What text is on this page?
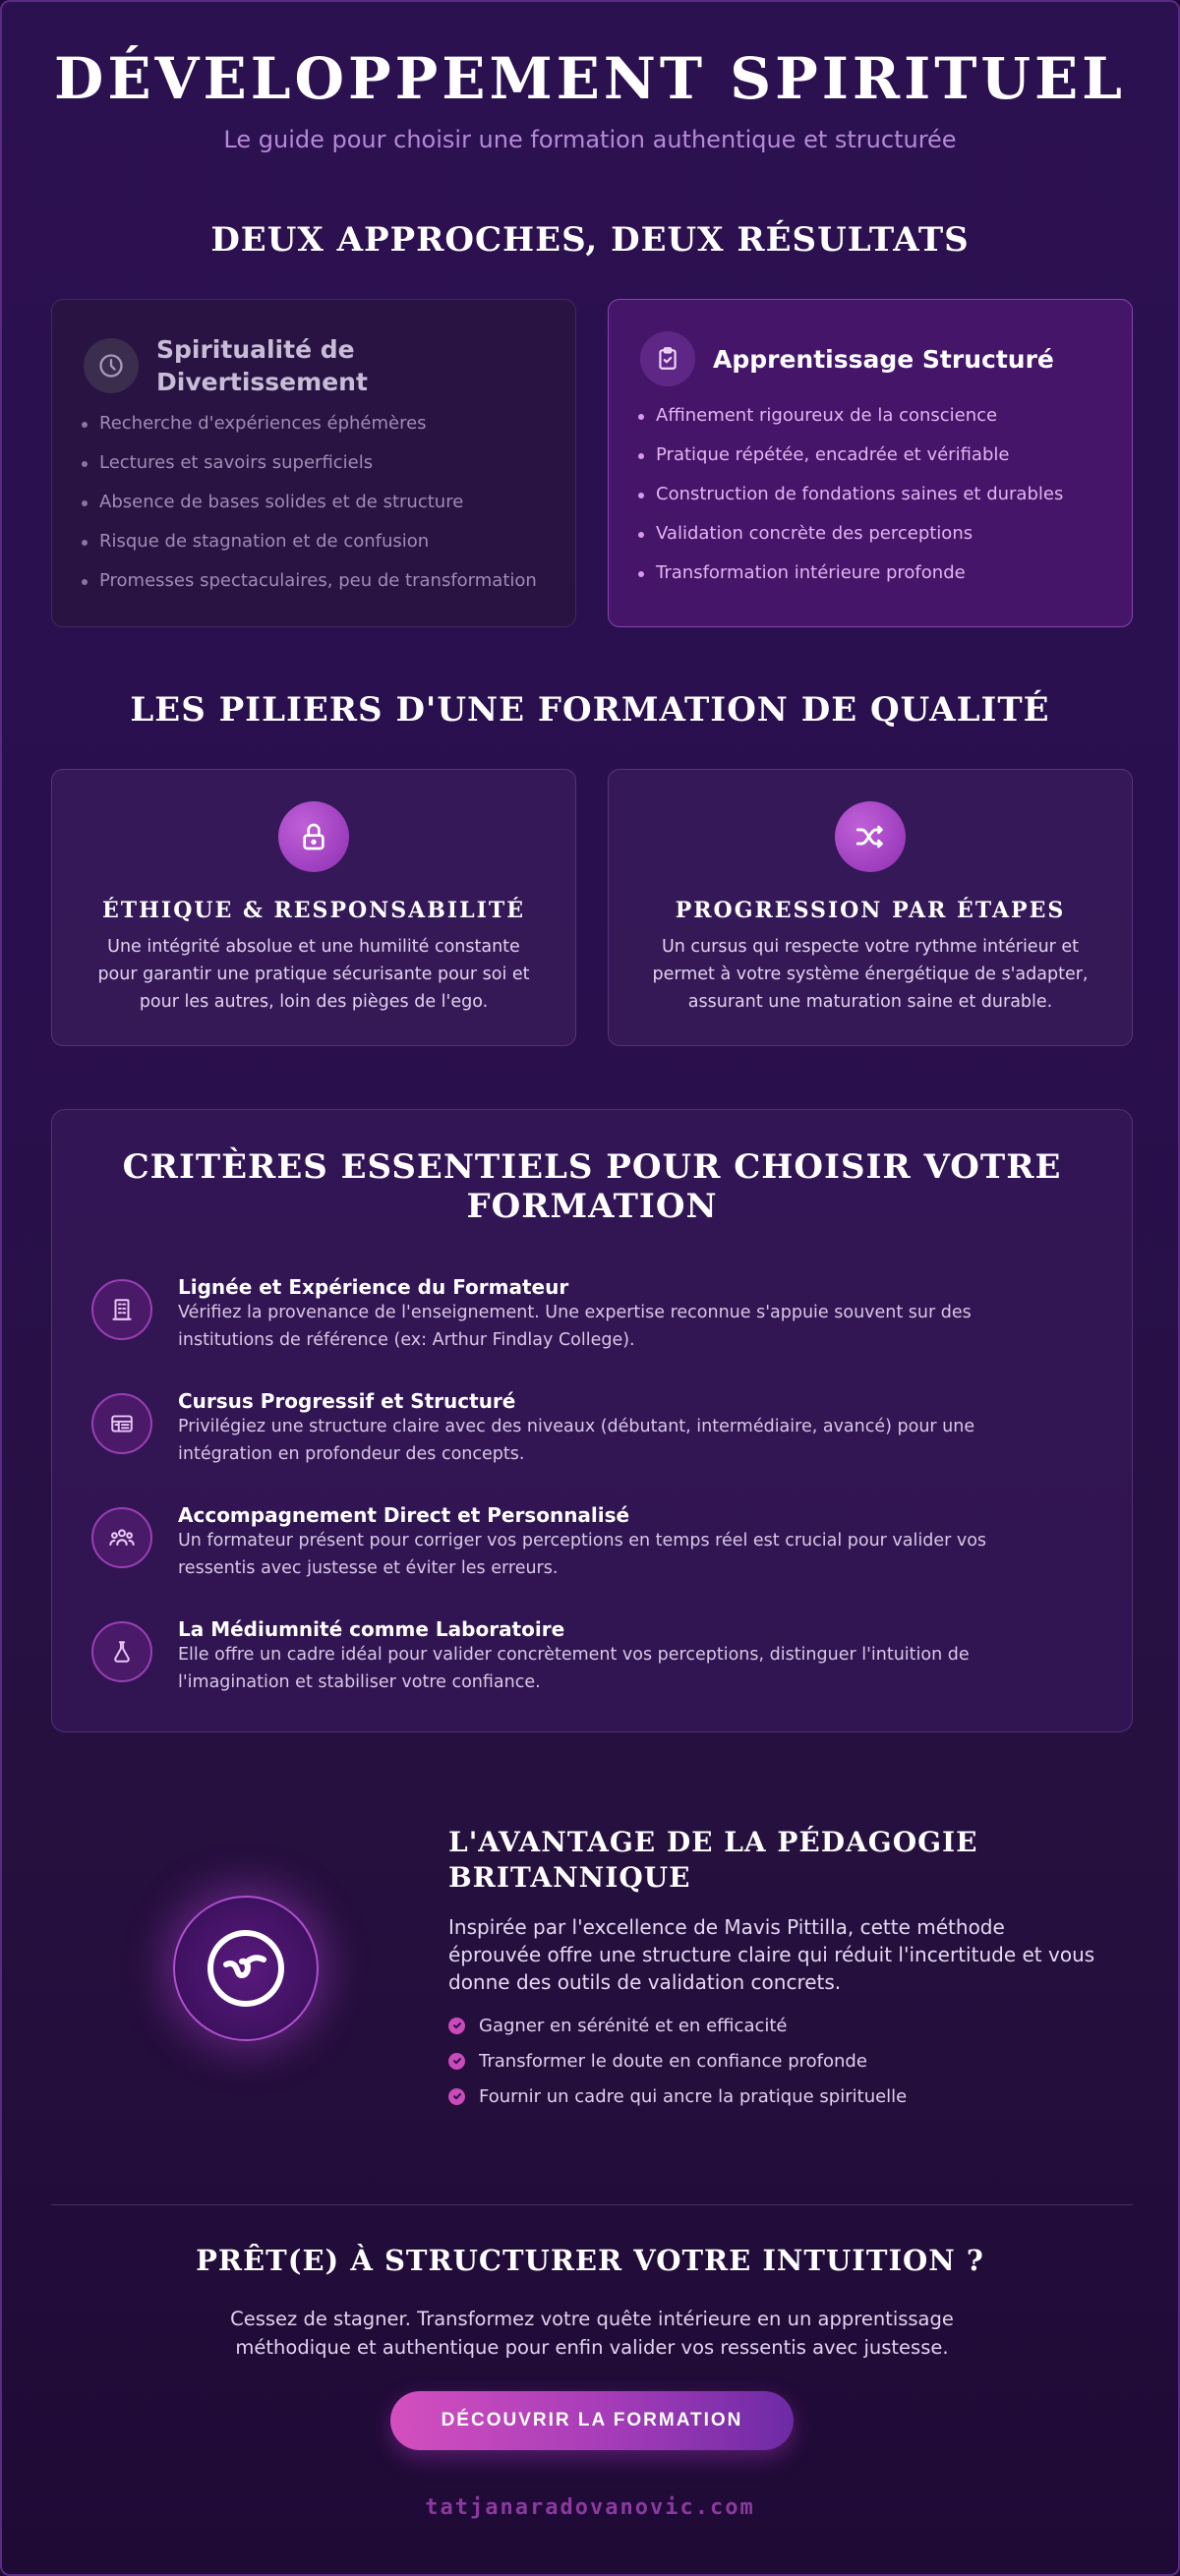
DÉVELOPPEMENT SPIRITUEL
Le guide pour choisir une formation authentique et structurée
DEUX APPROCHES, DEUX RÉSULTATS
Spiritualité de
Divertissement
Recherche d'expériences éphémères
Lectures et savoirs superficiels
Absence de bases solides et de structure
Risque de stagnation et de confusion
Promesses spectaculaires, peu de transformation
Apprentissage Structuré
Affinement rigoureux de la conscience
Pratique répétée, encadrée et vérifiable
Construction de fondations saines et durables
Validation concrète des perceptions
Transformation intérieure profonde
LES PILIERS D'UNE FORMATION DE QUALITÉ
ÉTHIQUE & RESPONSABILITÉ
Une intégrité absolue et une humilité constante
pour garantir une pratique sécurisante pour soi et
pour les autres, loin des pièges de l'ego.
PROGRESSION PAR ÉTAPES
Un cursus qui respecte votre rythme intérieur et
permet à votre système énergétique de s'adapter,
assurant une maturation saine et durable.
CRITÈRES ESSENTIELS POUR CHOISIR VOTRE
FORMATION
Lignée et Expérience du Formateur
Vérifiez la provenance de l'enseignement. Une expertise reconnue s'appuie souvent sur des
institutions de référence (ex: Arthur Findlay College).
Cursus Progressif et Structuré
Privilégiez une structure claire avec des niveaux (débutant, intermédiaire, avancé) pour une
intégration en profondeur des concepts.
Accompagnement Direct et Personnalisé
Un formateur présent pour corriger vos perceptions en temps réel est crucial pour valider vos
ressentis avec justesse et éviter les erreurs.
La Médiumnité comme Laboratoire
Elle offre un cadre idéal pour valider concrètement vos perceptions, distinguer l'intuition de
l'imagination et stabiliser votre confiance.
L'AVANTAGE DE LA PÉDAGOGIE
BRITANNIQUE
Inspirée par l'excellence de Mavis Pittilla, cette méthode
éprouvée offre une structure claire qui réduit l'incertitude et vous
donne des outils de validation concrets.
Gagner en sérénité et en efficacité
Transformer le doute en confiance profonde
Fournir un cadre qui ancre la pratique spirituelle
PRÊT(E) À STRUCTURER VOTRE INTUITION ?
Cessez de stagner. Transformez votre quête intérieure en un apprentissage
méthodique et authentique pour enfin valider vos ressentis avec justesse.
DÉCOUVRIR LA FORMATION
tatjanaradovanovic.com
